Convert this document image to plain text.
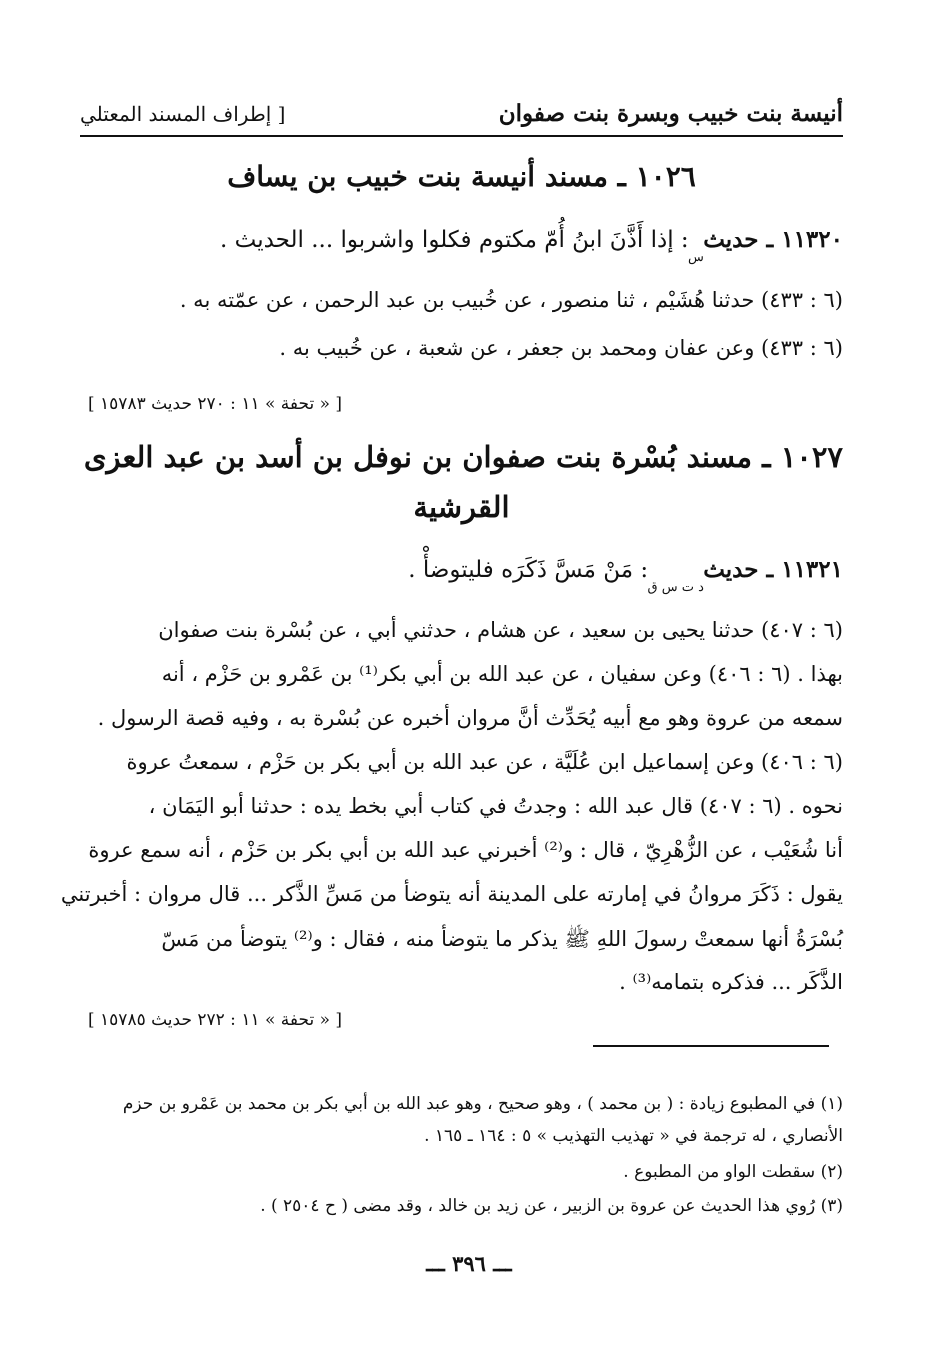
أنيسة بنت خبيب وبسرة بنت صفوان
[ إطراف المسند المعتلي
١٠٢٦ ـ مسند أنيسة بنت خبيب بن يساف
١١٣٢٠ ـ حديث $_س$ : إذا أَذَّنَ ابنُ أُمّ مكتوم فكلوا واشربوا ... الحديث .
(٦ : ٤٣٣) حدثنا هُشَيْم ، ثنا منصور ، عن خُبيب بن عبد الرحمن ، عن عمّته به .
(٦ : ٤٣٣) وعن عفان ومحمد بن جعفر ، عن شعبة ، عن خُبيب به .
[ « تحفة » ١١ : ٢٧٠ حديث ١٥٧٨٣ ]
١٠٢٧ ـ مسند بُسْرة بنت صفوان بن نوفل بن أسد بن عبد العزى
القرشية
١١٣٢١ ـ حديث $_{د ت س ق}$ : مَنْ مَسَّ ذَكَرَه فليتوضأْ .
(٦ : ٤٠٧) حدثنا يحيى بن سعيد ، عن هشام ، حدثني أبي ، عن بُسْرة بنت صفوان
بهذا . (٦ : ٤٠٦) وعن سفيان ، عن عبد الله بن أبي بكر⁽¹⁾ بن عَمْرو بن حَزْم ، أنه
سمعه من عروة وهو مع أبيه يُحَدِّث أنَّ مروان أخبره عن بُسْرة به ، وفيه قصة الرسول .
(٦ : ٤٠٦) وعن إسماعيل ابن عُلَيَّة ، عن عبد الله بن أبي بكر بن حَزْم ، سمعتُ عروة
نحوه . (٦ : ٤٠٧) قال عبد الله : وجدتُ في كتاب أبي بخط يده : حدثنا أبو اليَمَان ،
أنا شُعَيْب ، عن الزُّهْرِيّ ، قال : و⁽²⁾ أخبرني عبد الله بن أبي بكر بن حَزْم ، أنه سمع عروة
يقول : ذَكَرَ مروانُ في إمارته على المدينة أنه يتوضأ من مَسِّ الذَّكر ... قال مروان : أخبرتني
بُسْرَةُ أنها سمعتْ رسولَ اللهِ ﷺ يذكر ما يتوضأ منه ، فقال : و⁽²⁾ يتوضأ من مَسّ
الذَّكَر ... فذكره بتمامه⁽³⁾ .
[ « تحفة » ١١ : ٢٧٢ حديث ١٥٧٨٥ ]
(١) في المطبوع زيادة : ( بن محمد ) ، وهو صحيح ، وهو عبد الله بن أبي بكر بن محمد بن عَمْرو بن حزم
الأنصاري ، له ترجمة في « تهذيب التهذيب » ٥ : ١٦٤ ـ ١٦٥ .
(٢) سقطت الواو من المطبوع .
(٣) رُوي هذا الحديث عن عروة بن الزبير ، عن زيد بن خالد ، وقد مضى ( ح ٢٥٠٤ ) .
ـــ ٣٩٦ ـــ
